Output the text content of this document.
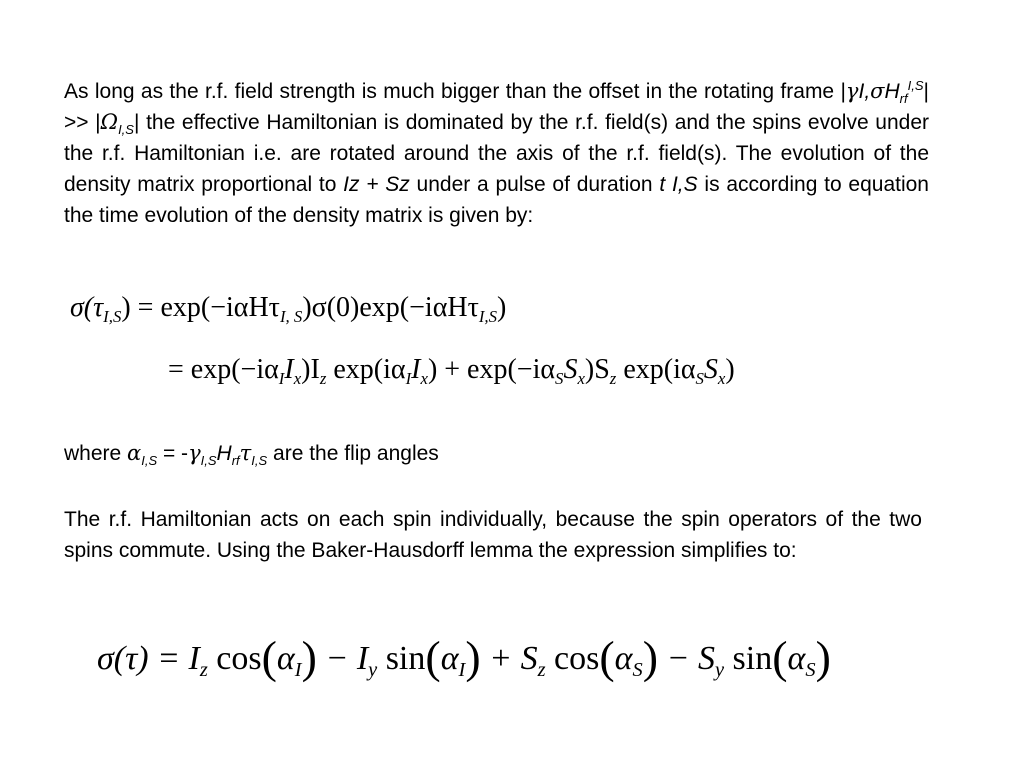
As long as the r.f. field strength is much bigger than the offset in the rotating frame $|\gamma I,\sigma H_{rf}^{I,S}| >> |\Omega_{I,S}|$ the effective Hamiltonian is dominated by the r.f. field(s) and the spins evolve under the r.f. Hamiltonian i.e. are rotated around the axis of the r.f. field(s). The evolution of the density matrix proportional to Iz + Sz under a pulse of duration t I,S is according to equation the time evolution of the density matrix is given by:
$\sigma(\tau_{I,S}) = \exp(-i\alpha H\tau_{I, S})\sigma(0)\exp(-i\alpha H\tau_{I,S})$
= $\exp(-i\alpha_II_x)I_z$ $\exp(i\alpha_II_x) + \exp(-i\alpha_SS_x)S_z$ $\exp(i\alpha_SS_x)$
where $\alpha_{I,S} = -\gamma_{I,S}H_{rf}\tau_{I,S}$ are the flip angles
The r.f. Hamiltonian acts on each spin individually, because the spin operators of the two spins commute. Using the Baker-Hausdorff lemma the expression simplifies to:
$\sigma(\tau) = I_z$ $\cos(\alpha_I) - I_y$ $\sin(\alpha_I) + S_z$ $\cos(\alpha_S) - S_y$ $\sin(\alpha_S)$
